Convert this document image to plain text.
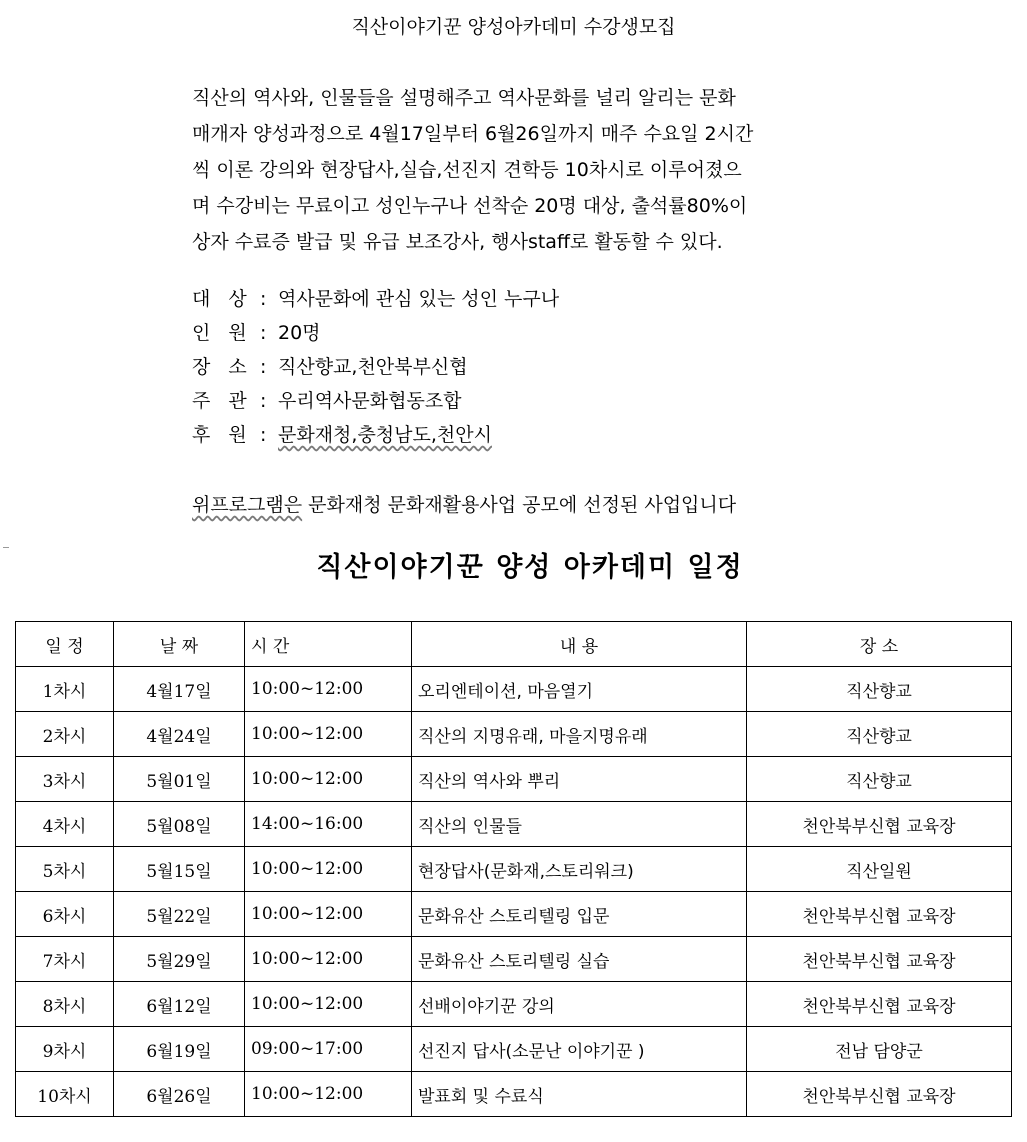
직산이야기꾼 양성아카데미 수강생모집
직산의 역사와, 인물들을 설명해주고 역사문화를 널리 알리는 문화
매개자 양성과정으로 4월17일부터 6월26일까지 매주 수요일 2시간
씩 이론 강의와 현장답사,실습,선진지 견학등 10차시로 이루어졌으
며 수강비는 무료이고 성인누구나 선착순 20명 대상, 출석률80%이
상자 수료증 발급 및 유급 보조강사, 행사staff로 활동할 수 있다.
대 상 : 역사문화에 관심 있는 성인 누구나
인 원 : 20명
장 소 : 직산향교,천안북부신협
주 관 : 우리역사문화협동조합
후 원 : 문화재청,충청남도,천안시
위프로그램은 문화재청 문화재활용사업 공모에 선정된 사업입니다
직산이야기꾼 양성 아카데미 일정
일 정	날 짜	시 간	내 용	장 소
1차시	4월17일	10:00~12:00	오리엔테이션, 마음열기	직산향교
2차시	4월24일	10:00~12:00	직산의 지명유래, 마을지명유래	직산향교
3차시	5월01일	10:00~12:00	직산의 역사와 뿌리	직산향교
4차시	5월08일	14:00~16:00	직산의 인물들	천안북부신협 교육장
5차시	5월15일	10:00~12:00	현장답사(문화재,스토리워크)	직산일원
6차시	5월22일	10:00~12:00	문화유산 스토리텔링 입문	천안북부신협 교육장
7차시	5월29일	10:00~12:00	문화유산 스토리텔링 실습	천안북부신협 교육장
8차시	6월12일	10:00~12:00	선배이야기꾼 강의	천안북부신협 교육장
9차시	6월19일	09:00~17:00	선진지 답사(소문난 이야기꾼 )	전남 담양군
10차시	6월26일	10:00~12:00	발표회 및 수료식	천안북부신협 교육장
